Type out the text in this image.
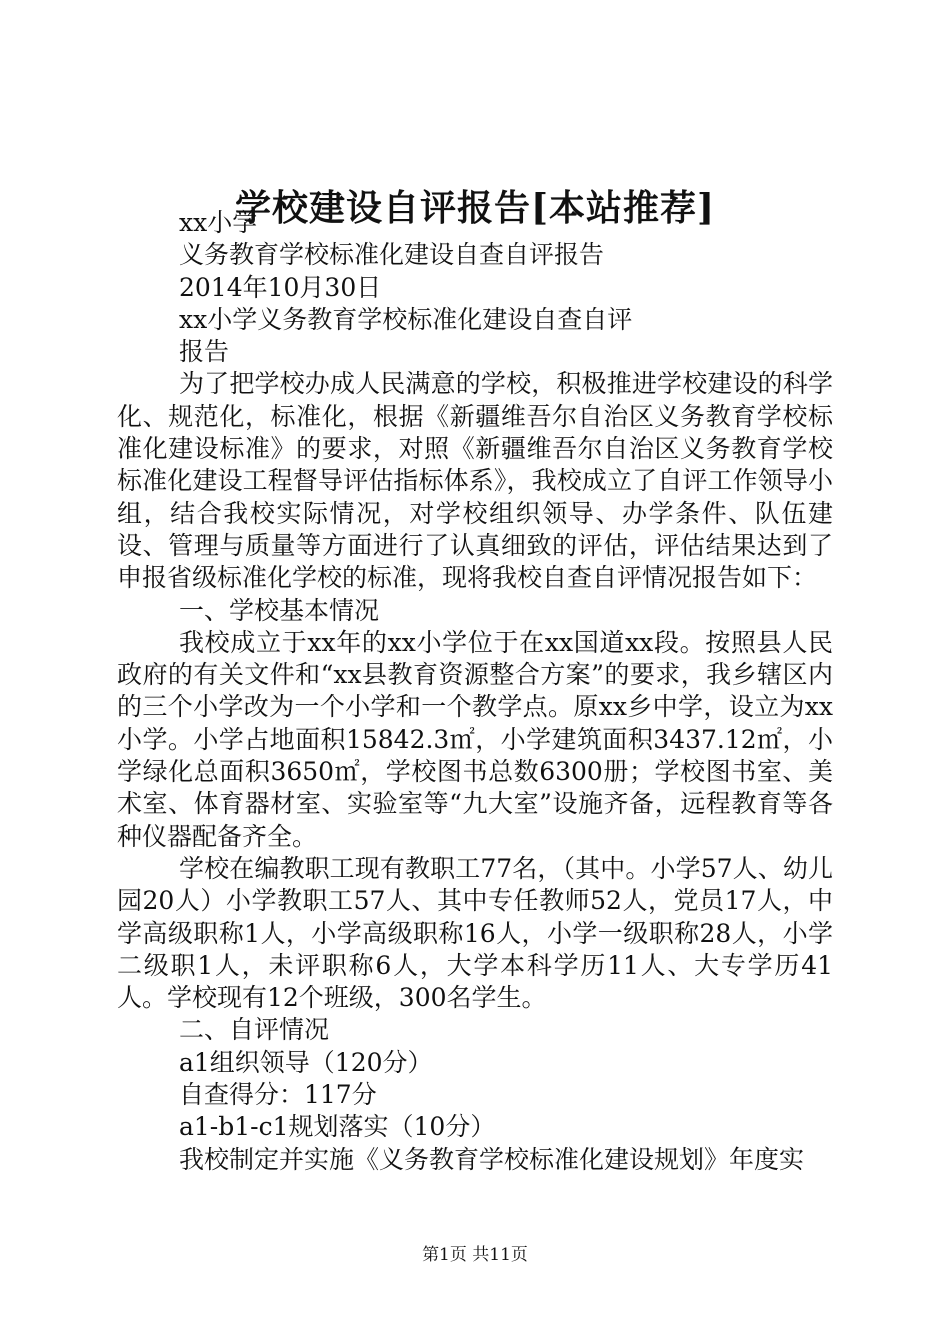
学校建设自评报告[本站推荐]

xx小学

义务教育学校标准化建设自查自评报告

2014年10月30日

xx小学义务教育学校标准化建设自查自评

报告

为了把学校办成人民满意的学校，积极推进学校建设的科学化、规范化，标准化，根据《新疆维吾尔自治区义务教育学校标准化建设标准》的要求，对照《新疆维吾尔自治区义务教育学校标准化建设工程督导评估指标体系》，我校成立了自评工作领导小组，结合我校实际情况，对学校组织领导、办学条件、队伍建设、管理与质量等方面进行了认真细致的评估，评估结果达到了申报省级标准化学校的标准，现将我校自查自评情况报告如下：

一、学校基本情况

我校成立于xx年的xx小学位于在xx国道xx段。按照县人民政府的有关文件和“xx县教育资源整合方案”的要求，我乡辖区内的三个小学改为一个小学和一个教学点。原xx乡中学，设立为xx小学。小学占地面积15842.3㎡，小学建筑面积3437.12㎡，小学绿化总面积3650㎡，学校图书总数6300册；学校图书室、美术室、体育器材室、实验室等“九大室”设施齐备，远程教育等各种仪器配备齐全。

学校在编教职工现有教职工77名，（其中。小学57人、幼儿园20人）小学教职工57人、其中专任教师52人，党员17人，中学高级职称1人，小学高级职称16人，小学一级职称28人，小学二级职1人，未评职称6人，大学本科学历11人、大专学历41人。学校现有12个班级，300名学生。

二、自评情况

a1组织领导（120分）

自查得分：117分

a1-b1-c1规划落实（10分）

我校制定并实施《义务教育学校标准化建设规划》年度实

第1页 共11页
